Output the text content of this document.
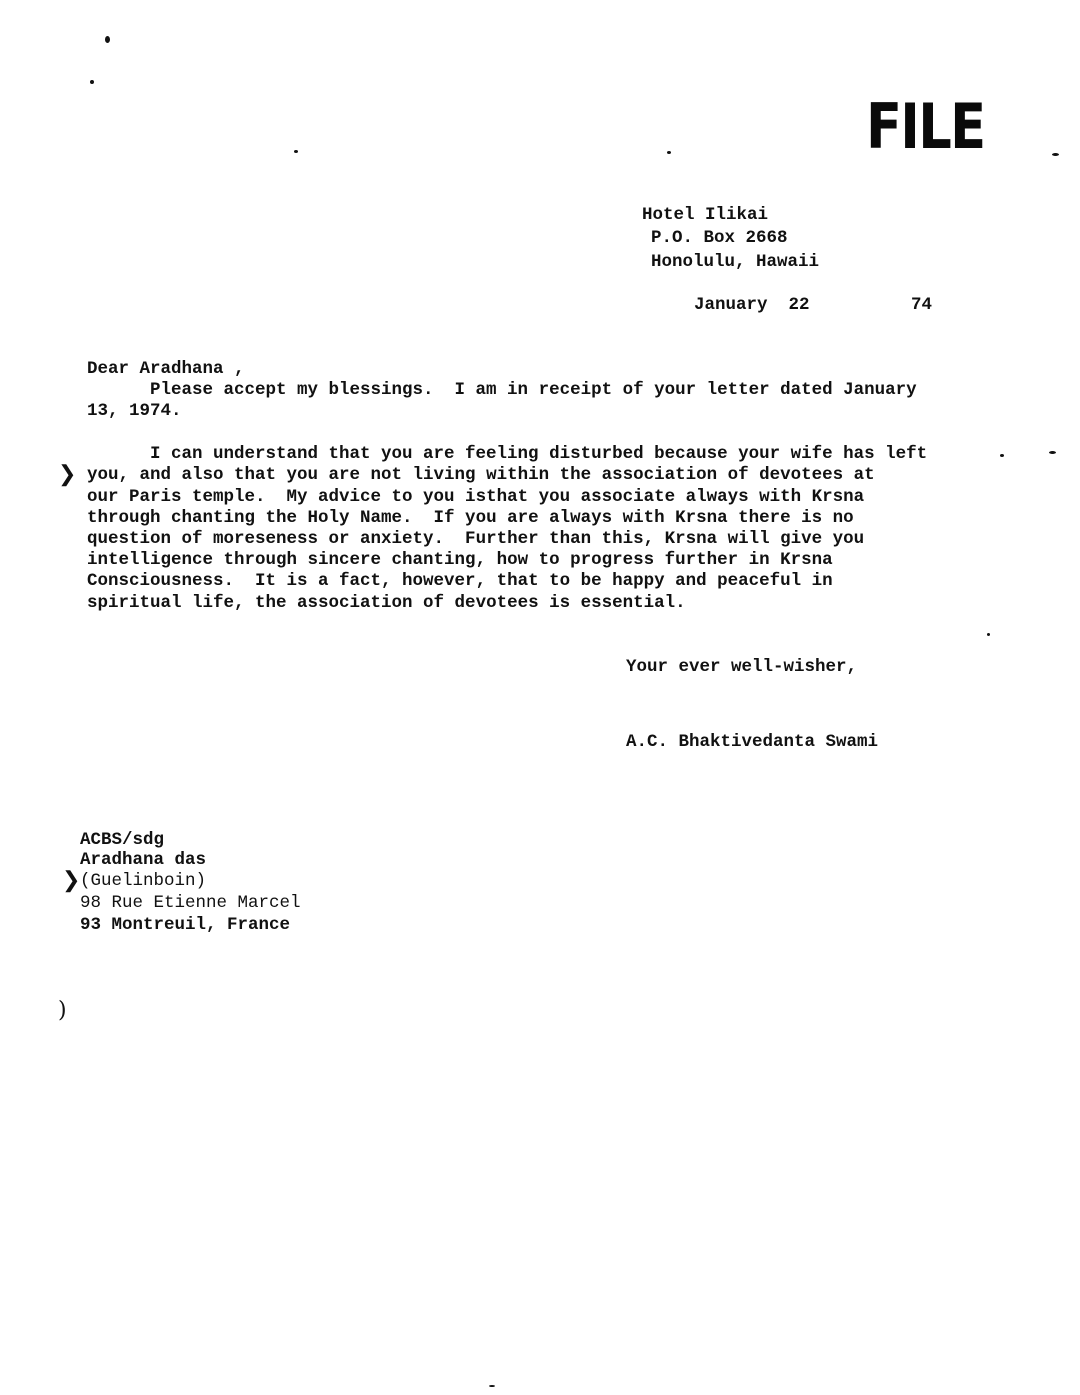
FILE
Hotel Ilikai
P.O. Box 2668
Honolulu, Hawaii
January  22	74
Dear Aradhana ,
Please accept my blessings.  I am in receipt of your letter dated January
13, 1974.
I can understand that you are feeling disturbed because your wife has left
you, and also that you are not living within the association of devotees at
our Paris temple.  My advice to you isthat you associate always with Krsna
through chanting the Holy Name.  If you are always with Krsna there is no
question of moreseness or anxiety.  Further than this, Krsna will give you
intelligence through sincere chanting, how to progress further in Krsna
Consciousness.  It is a fact, however, that to be happy and peaceful in
spiritual life, the association of devotees is essential.
Your ever well-wisher,
A.C. Bhaktivedanta Swami
ACBS/sdg
Aradhana das
(Guelinboin)
98 Rue Etienne Marcel
93 Montreuil, France
❯
❯
)
